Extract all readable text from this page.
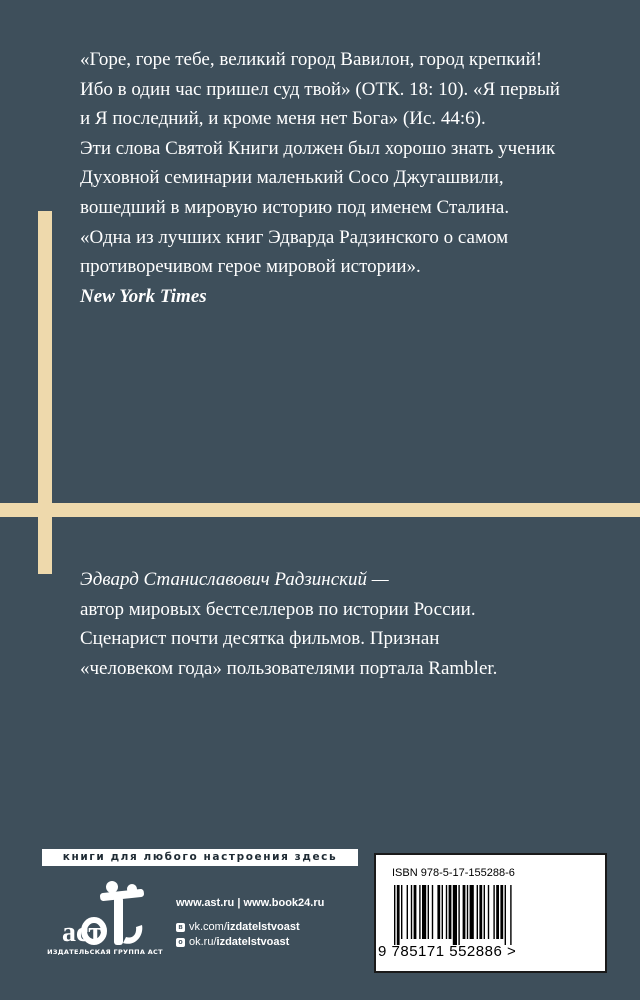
«Горе, горе тебе, великий город Вавилон, город крепкий!

Ибо в один час пришел суд твой» (ОТК. 18: 10). «Я первый

и Я последний, и кроме меня нет Бога» (Ис. 44:6).

Эти слова Святой Книги должен был хорошо знать ученик

Духовной семинарии маленький Сосо Джугашвили,

вошедший в мировую историю под именем Сталина.

«Одна из лучших книг Эдварда Радзинского о самом

противоречивом герое мировой истории».

New York Times

Эдвард Станиславович Радзинский —

автор мировых бестселлеров по истории России.

Сценарист почти десятка фильмов. Признан

«человеком года» пользователями портала Rambler.

книги для любого настроения здесь
аст
ИЗДАТЕЛЬСКАЯ ГРУППА АСТ
www.ast.ru | www.book24.ru
в vk.com/ izdatelstvoast
о ok.ru/ izdatelstvoast
ISBN 978-5-17-155288-6
9 785171 552886 >
